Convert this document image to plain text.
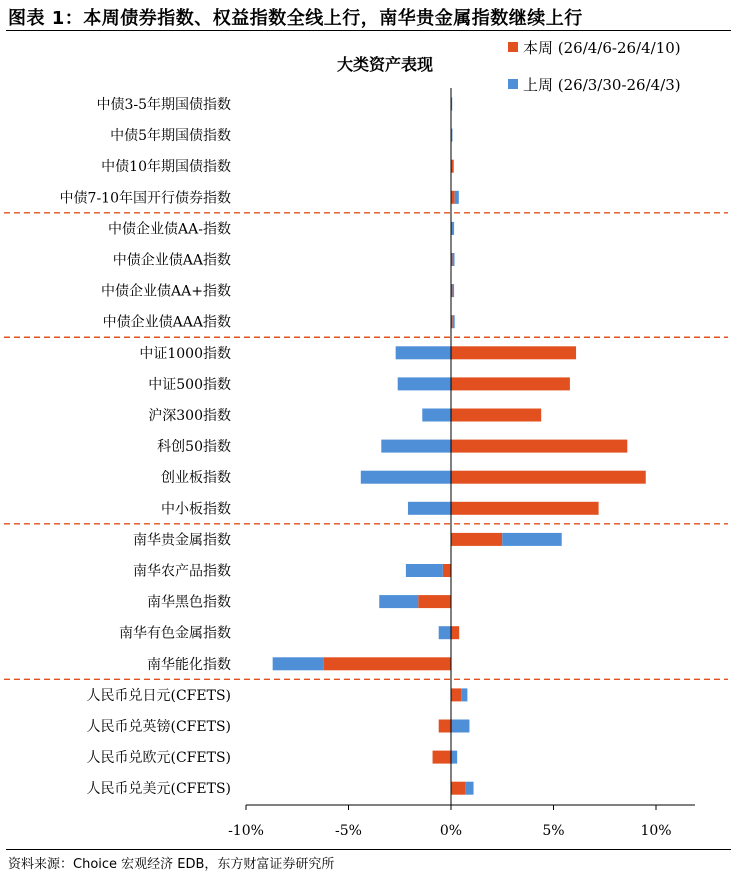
图表 1：本周债券指数、权益指数全线上行，南华贵金属指数继续上行
大类资产表现
本周 (26/4/6-26/4/10)
上周 (26/3/30-26/4/3)
中债3-5年期国债指数
中债5年期国债指数
中债10年期国债指数
中债7-10年国开行债券指数
中债企业债AA-指数
中债企业债AA指数
中债企业债AA+指数
中债企业债AAA指数
中证1000指数
中证500指数
沪深300指数
科创50指数
创业板指数
中小板指数
南华贵金属指数
南华农产品指数
南华黑色指数
南华有色金属指数
南华能化指数
人民币兑日元(CFETS)
人民币兑英镑(CFETS)
人民币兑欧元(CFETS)
人民币兑美元(CFETS)
-10%	-5%	0%	5%	10%
资料来源：Choice 宏观经济 EDB，东方财富证券研究所
